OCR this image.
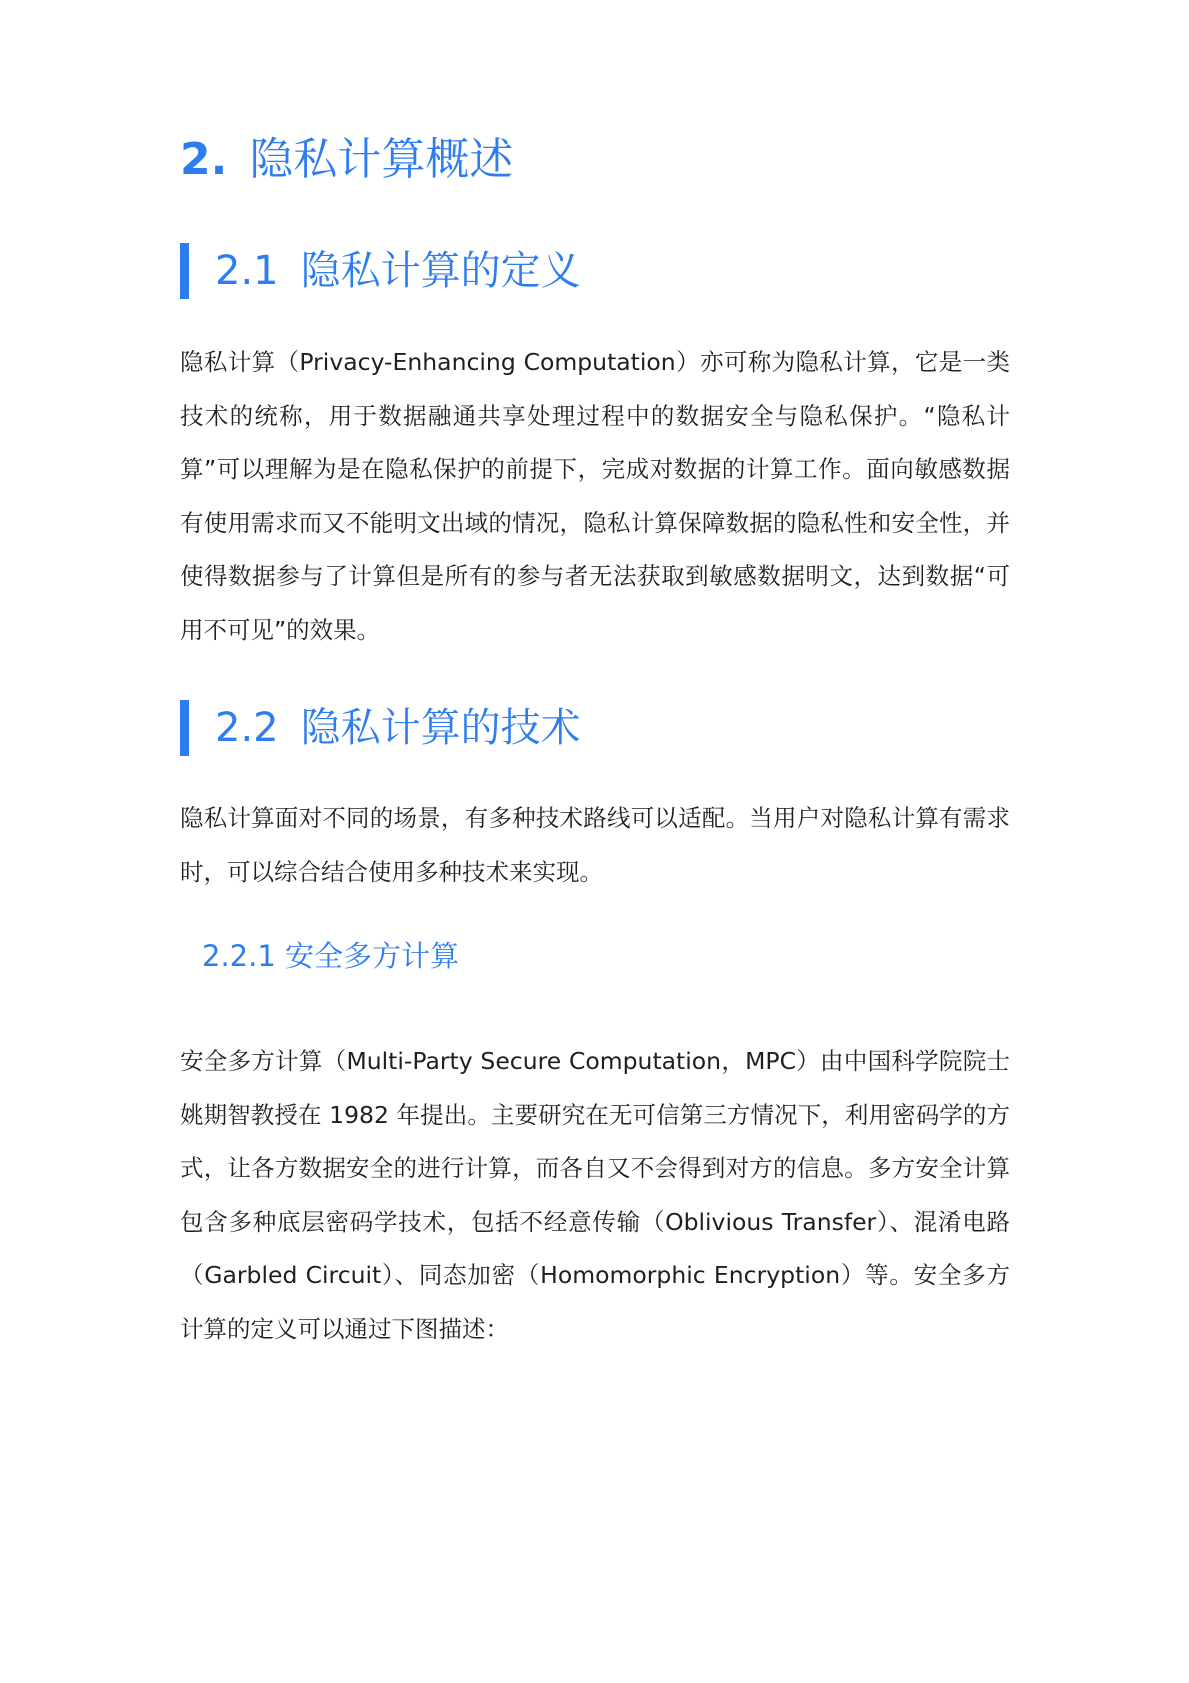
2. 隐私计算概述
2.1 隐私计算的定义

隐私计算（Privacy-Enhancing Computation）亦可称为隐私计算，它是一类技术的统称，用于数据融通共享处理过程中的数据安全与隐私保护。“隐私计算”可以理解为是在隐私保护的前提下，完成对数据的计算工作。面向敏感数据有使用需求而又不能明文出域的情况，隐私计算保障数据的隐私性和安全性，并使得数据参与了计算但是所有的参与者无法获取到敏感数据明文，达到数据“可用不可见”的效果。

2.2 隐私计算的技术

隐私计算面对不同的场景，有多种技术路线可以适配。当用户对隐私计算有需求时，可以综合结合使用多种技术来实现。

2.2.1 安全多方计算

安全多方计算（Multi-Party Secure Computation，MPC）由中国科学院院士姚期智教授在 1982 年提出。主要研究在无可信第三方情况下，利用密码学的方式，让各方数据安全的进行计算，而各自又不会得到对方的信息。多方安全计算包含多种底层密码学技术，包括不经意传输（Oblivious Transfer）、混淆电路（Garbled Circuit）、同态加密（Homomorphic Encryption）等。安全多方计算的定义可以通过下图描述：
